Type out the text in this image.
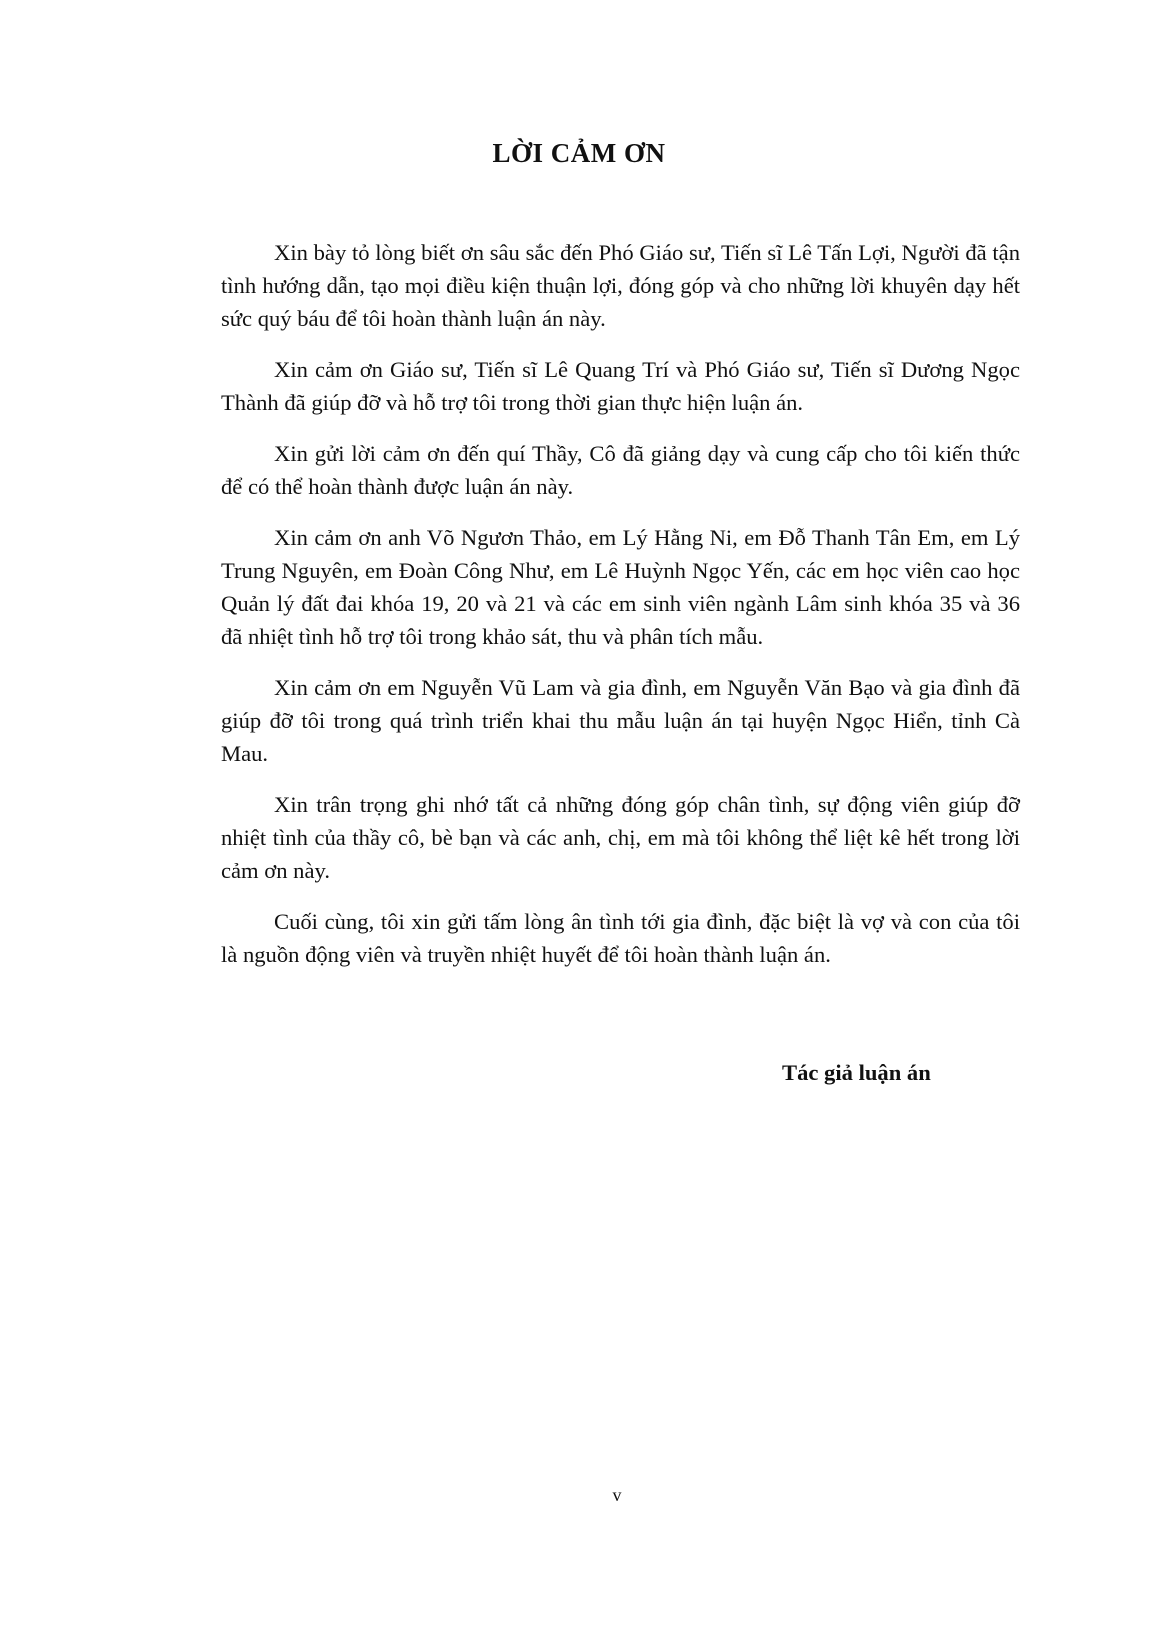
LỜI CẢM ƠN

Xin bày tỏ lòng biết ơn sâu sắc đến Phó Giáo sư, Tiến sĩ Lê Tấn Lợi, Người đã tận tình hướng dẫn, tạo mọi điều kiện thuận lợi, đóng góp và cho những lời khuyên dạy hết sức quý báu để tôi hoàn thành luận án này.

Xin cảm ơn Giáo sư, Tiến sĩ Lê Quang Trí và Phó Giáo sư, Tiến sĩ Dương Ngọc Thành đã giúp đỡ và hỗ trợ tôi trong thời gian thực hiện luận án.

Xin gửi lời cảm ơn đến quí Thầy, Cô đã giảng dạy và cung cấp cho tôi kiến thức để có thể hoàn thành được luận án này.

Xin cảm ơn anh Võ Ngươn Thảo, em Lý Hằng Ni, em Đỗ Thanh Tân Em, em Lý Trung Nguyên, em Đoàn Công Như, em Lê Huỳnh Ngọc Yến, các em học viên cao học Quản lý đất đai khóa 19, 20 và 21 và các em sinh viên ngành Lâm sinh khóa 35 và 36 đã nhiệt tình hỗ trợ tôi trong khảo sát, thu và phân tích mẫu.

Xin cảm ơn em Nguyễn Vũ Lam và gia đình, em Nguyễn Văn Bạo và gia đình đã giúp đỡ tôi trong quá trình triển khai thu mẫu luận án tại huyện Ngọc Hiển, tỉnh Cà Mau.

Xin trân trọng ghi nhớ tất cả những đóng góp chân tình, sự động viên giúp đỡ nhiệt tình của thầy cô, bè bạn và các anh, chị, em mà tôi không thể liệt kê hết trong lời cảm ơn này.

Cuối cùng, tôi xin gửi tấm lòng ân tình tới gia đình, đặc biệt là vợ và con của tôi là nguồn động viên và truyền nhiệt huyết để tôi hoàn thành luận án.

Tác giả luận án

v
